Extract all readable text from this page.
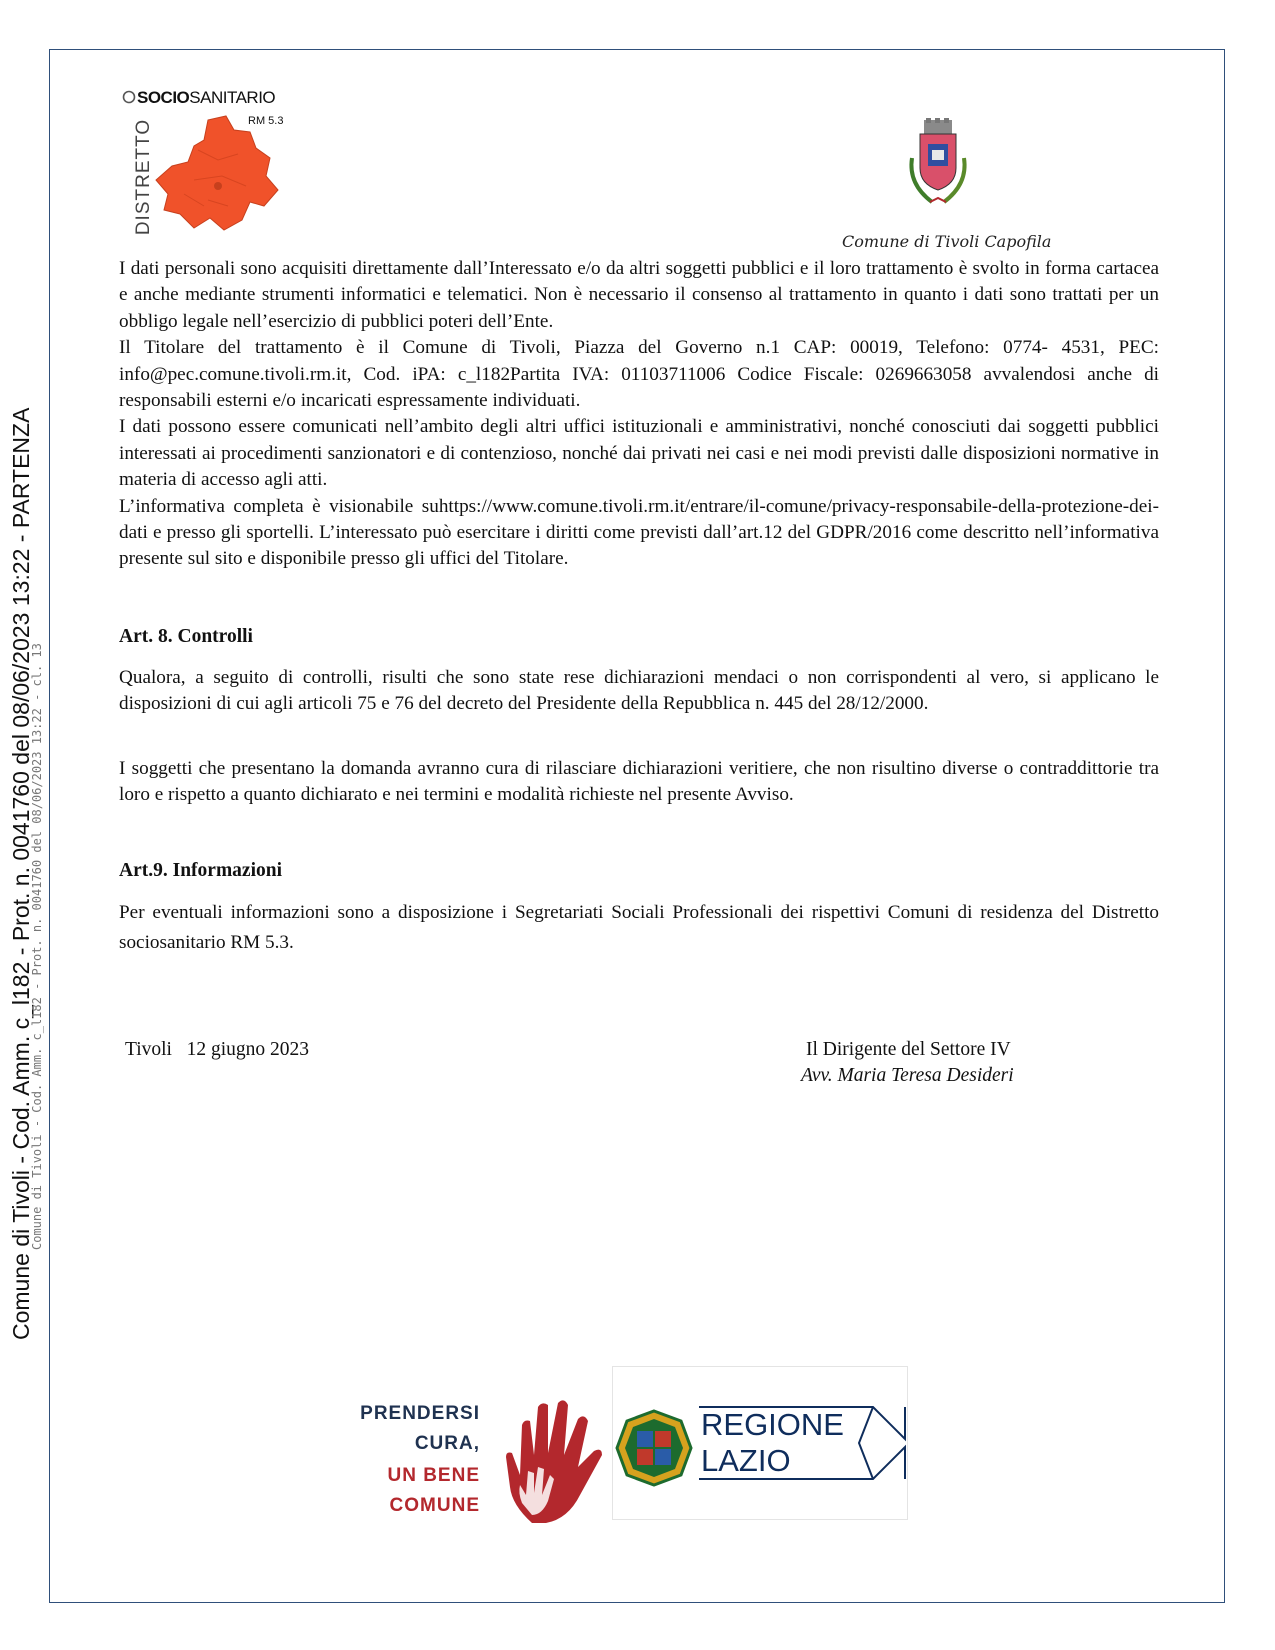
Comune di Tivoli - Cod. Amm. c_l182 - Prot. n. 0041760 del 08/06/2023 13:22 - PARTENZA
Comune di Tivoli - Cod. Amm. c_l182 - Prot. n. 0041760 del 08/06/2023 13:22 - cl. 13
SOCIOSANITARIO
RM 5.3
DISTRETTO
Comune di Tivoli Capofila

I dati personali sono acquisiti direttamente dall’Interessato e/o da altri soggetti pubblici e il loro trattamento è svolto in forma cartacea e anche mediante strumenti informatici e telematici. Non è necessario il consenso al trattamento in quanto i dati sono trattati per un obbligo legale nell’esercizio di pubblici poteri dell’Ente.

Il Titolare del trattamento è il Comune di Tivoli, Piazza del Governo n.1 CAP: 00019, Telefono: 0774- 4531, PEC: info@pec.comune.tivoli.rm.it, Cod. iPA: c_l182Partita IVA: 01103711006 Codice Fiscale: 0269663058 avvalendosi anche di responsabili esterni e/o incaricati espressamente individuati.

I dati possono essere comunicati nell’ambito degli altri uffici istituzionali e amministrativi, nonché conosciuti dai soggetti pubblici interessati ai procedimenti sanzionatori e di contenzioso, nonché dai privati nei casi e nei modi previsti dalle disposizioni normative in materia di accesso agli atti.

L’informativa completa è visionabile suhttps://www.comune.tivoli.rm.it/entrare/il-comune/privacy-responsabile-della-protezione-dei-dati e presso gli sportelli. L’interessato può esercitare i diritti come previsti dall’art.12 del GDPR/2016 come descritto nell’informativa presente sul sito e disponibile presso gli uffici del Titolare.

Art. 8. Controlli
Qualora, a seguito di controlli, risulti che sono state rese dichiarazioni mendaci o non corrispondenti al vero, si applicano le disposizioni di cui agli articoli 75 e 76 del decreto del Presidente della Repubblica n. 445 del 28/12/2000.
I soggetti che presentano la domanda avranno cura di rilasciare dichiarazioni veritiere, che non risultino diverse o contraddittorie tra loro e rispetto a quanto dichiarato e nei termini e modalità richieste nel presente Avviso.
Art.9. Informazioni
Per eventuali informazioni sono a disposizione i Segretariati Sociali Professionali dei rispettivi Comuni di residenza del Distretto sociosanitario RM 5.3.
Tivoli   12 giugno 2023	Il Dirigente del Settore IV
Avv. Maria Teresa Desideri
PRENDERSI
CURA,
UN BENE
COMUNE
REGIONE
LAZIO
